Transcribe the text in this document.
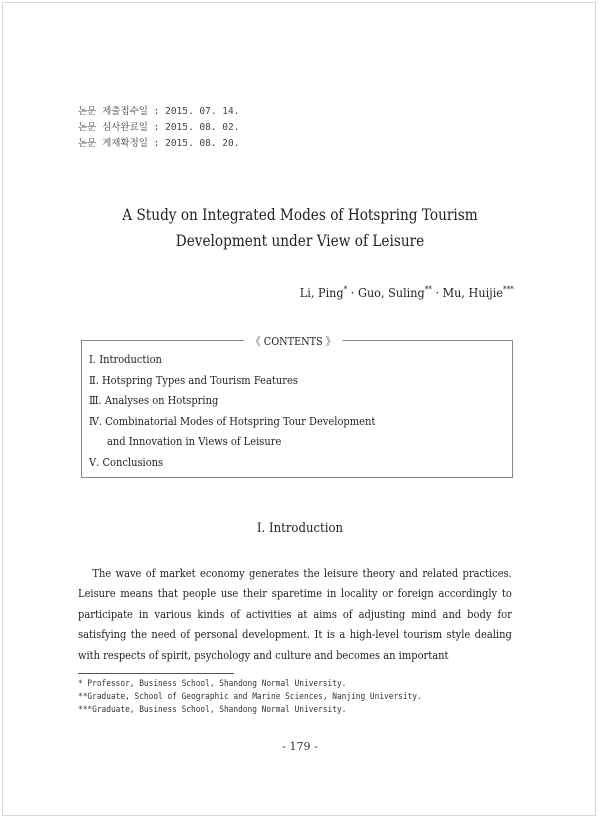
논문 제출접수일 : 2015. 07. 14.
논문 심사완료일 : 2015. 08. 02.
논문 게재확정일 : 2015. 08. 20.
A Study on Integrated Modes of Hotspring Tourism
Development under View of Leisure
Li, Ping* · Guo, Suling** · Mu, Huijie***
《 CONTENTS 》
Ⅰ. Introduction
Ⅱ. Hotspring Types and Tourism Features
Ⅲ. Analyses on Hotspring
Ⅳ. Combinatorial Modes of Hotspring Tour Development
and Innovation in Views of Leisure
Ⅴ. Conclusions
Ⅰ. Introduction

The wave of market economy generates the leisure theory and related practices. Leisure means that people use their sparetime in locality or foreign accordingly to participate in various kinds of activities at aims of adjusting mind and body for satisfying the need of personal development. It is a high-level tourism style dealing with respects of spirit, psychology and culture and becomes an important

* Professor, Business School, Shandong Normal University.
**Graduate, School of Geographic and Marine Sciences, Nanjing University.
***Graduate, Business School, Shandong Normal University.
- 179 -
